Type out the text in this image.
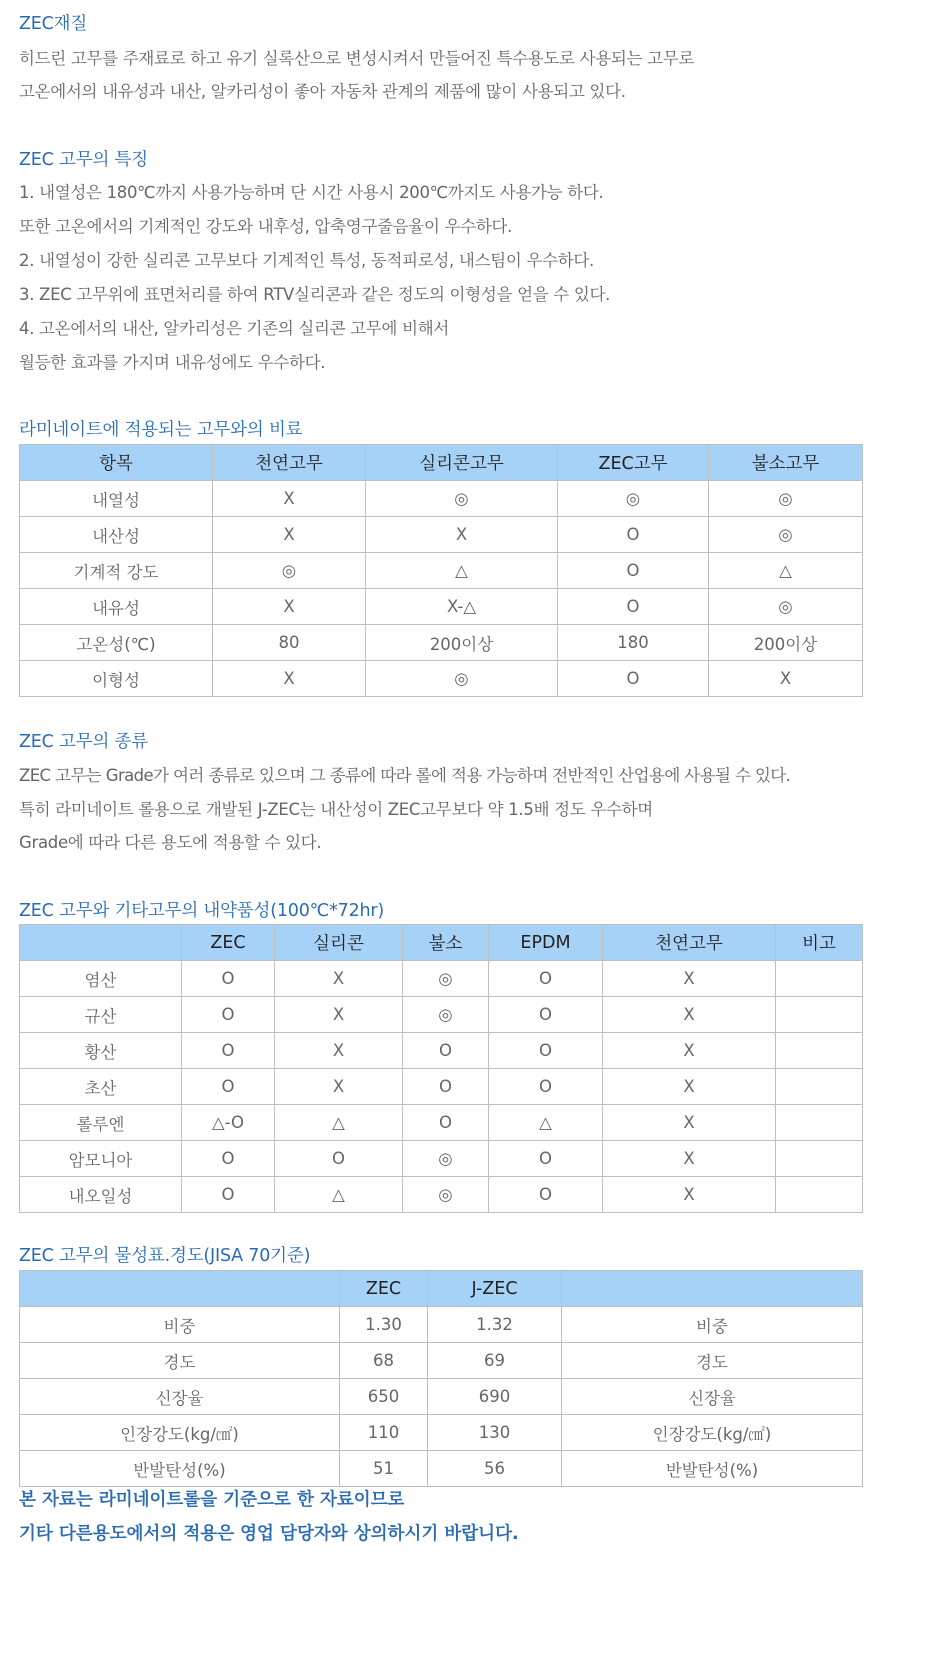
ZEC재질
히드린 고무를 주재료로 하고 유기 실록산으로 변성시켜서 만들어진 특수용도로 사용되는 고무로
고온에서의 내유성과 내산, 알카리성이 좋아 자동차 관계의 제품에 많이 사용되고 있다.
ZEC 고무의 특징
1. 내열성은 180℃까지 사용가능하며 단 시간 사용시 200℃까지도 사용가능 하다.
또한 고온에서의 기계적인 강도와 내후성, 압축영구줄음율이 우수하다.
2. 내열성이 강한 실리콘 고무보다 기계적인 특성, 동적피로성, 내스팀이 우수하다.
3. ZEC 고무위에 표면처리를 하여 RTV실리콘과 같은 정도의 이형성을 얻을 수 있다.
4. 고온에서의 내산, 알카리성은 기존의 실리콘 고무에 비해서
월등한 효과를 가지며 내유성에도 우수하다.
라미네이트에 적용되는 고무와의 비료
항목	천연고무	실리콘고무	ZEC고무	불소고무
내열성	X	◎	◎	◎
내산성	X	X	O	◎
기계적 강도	◎	△	O	△
내유성	X	X-△	O	◎
고온성(℃)	80	200이상	180	200이상
이형성	X	◎	O	X
ZEC 고무의 종류
ZEC 고무는 Grade가 여러 종류로 있으며 그 종류에 따라 롤에 적용 가능하며 전반적인 산업용에 사용될 수 있다.
특히 라미네이트 롤용으로 개발된 J-ZEC는 내산성이 ZEC고무보다 약 1.5배 정도 우수하며
Grade에 따라 다른 용도에 적용할 수 있다.
ZEC 고무와 기타고무의 내약품성(100℃*72hr)
	ZEC	실리콘	불소	EPDM	천연고무	비고
염산	O	X	◎	O	X	
규산	O	X	◎	O	X	
황산	O	X	O	O	X	
초산	O	X	O	O	X	
롤루엔	△-O	△	O	△	X	
암모니아	O	O	◎	O	X	
내오일성	O	△	◎	O	X	
ZEC 고무의 물성표.경도(JISA 70기준)
	ZEC	J-ZEC	
비중	1.30	1.32	비중
경도	68	69	경도
신장율	650	690	신장율
인장강도(kg/㎠)	110	130	인장강도(kg/㎠)
반발탄성(%)	51	56	반발탄성(%)
본 자료는 라미네이트롤을 기준으로 한 자료이므로
기타 다른용도에서의 적용은 영업 담당자와 상의하시기 바랍니다.
